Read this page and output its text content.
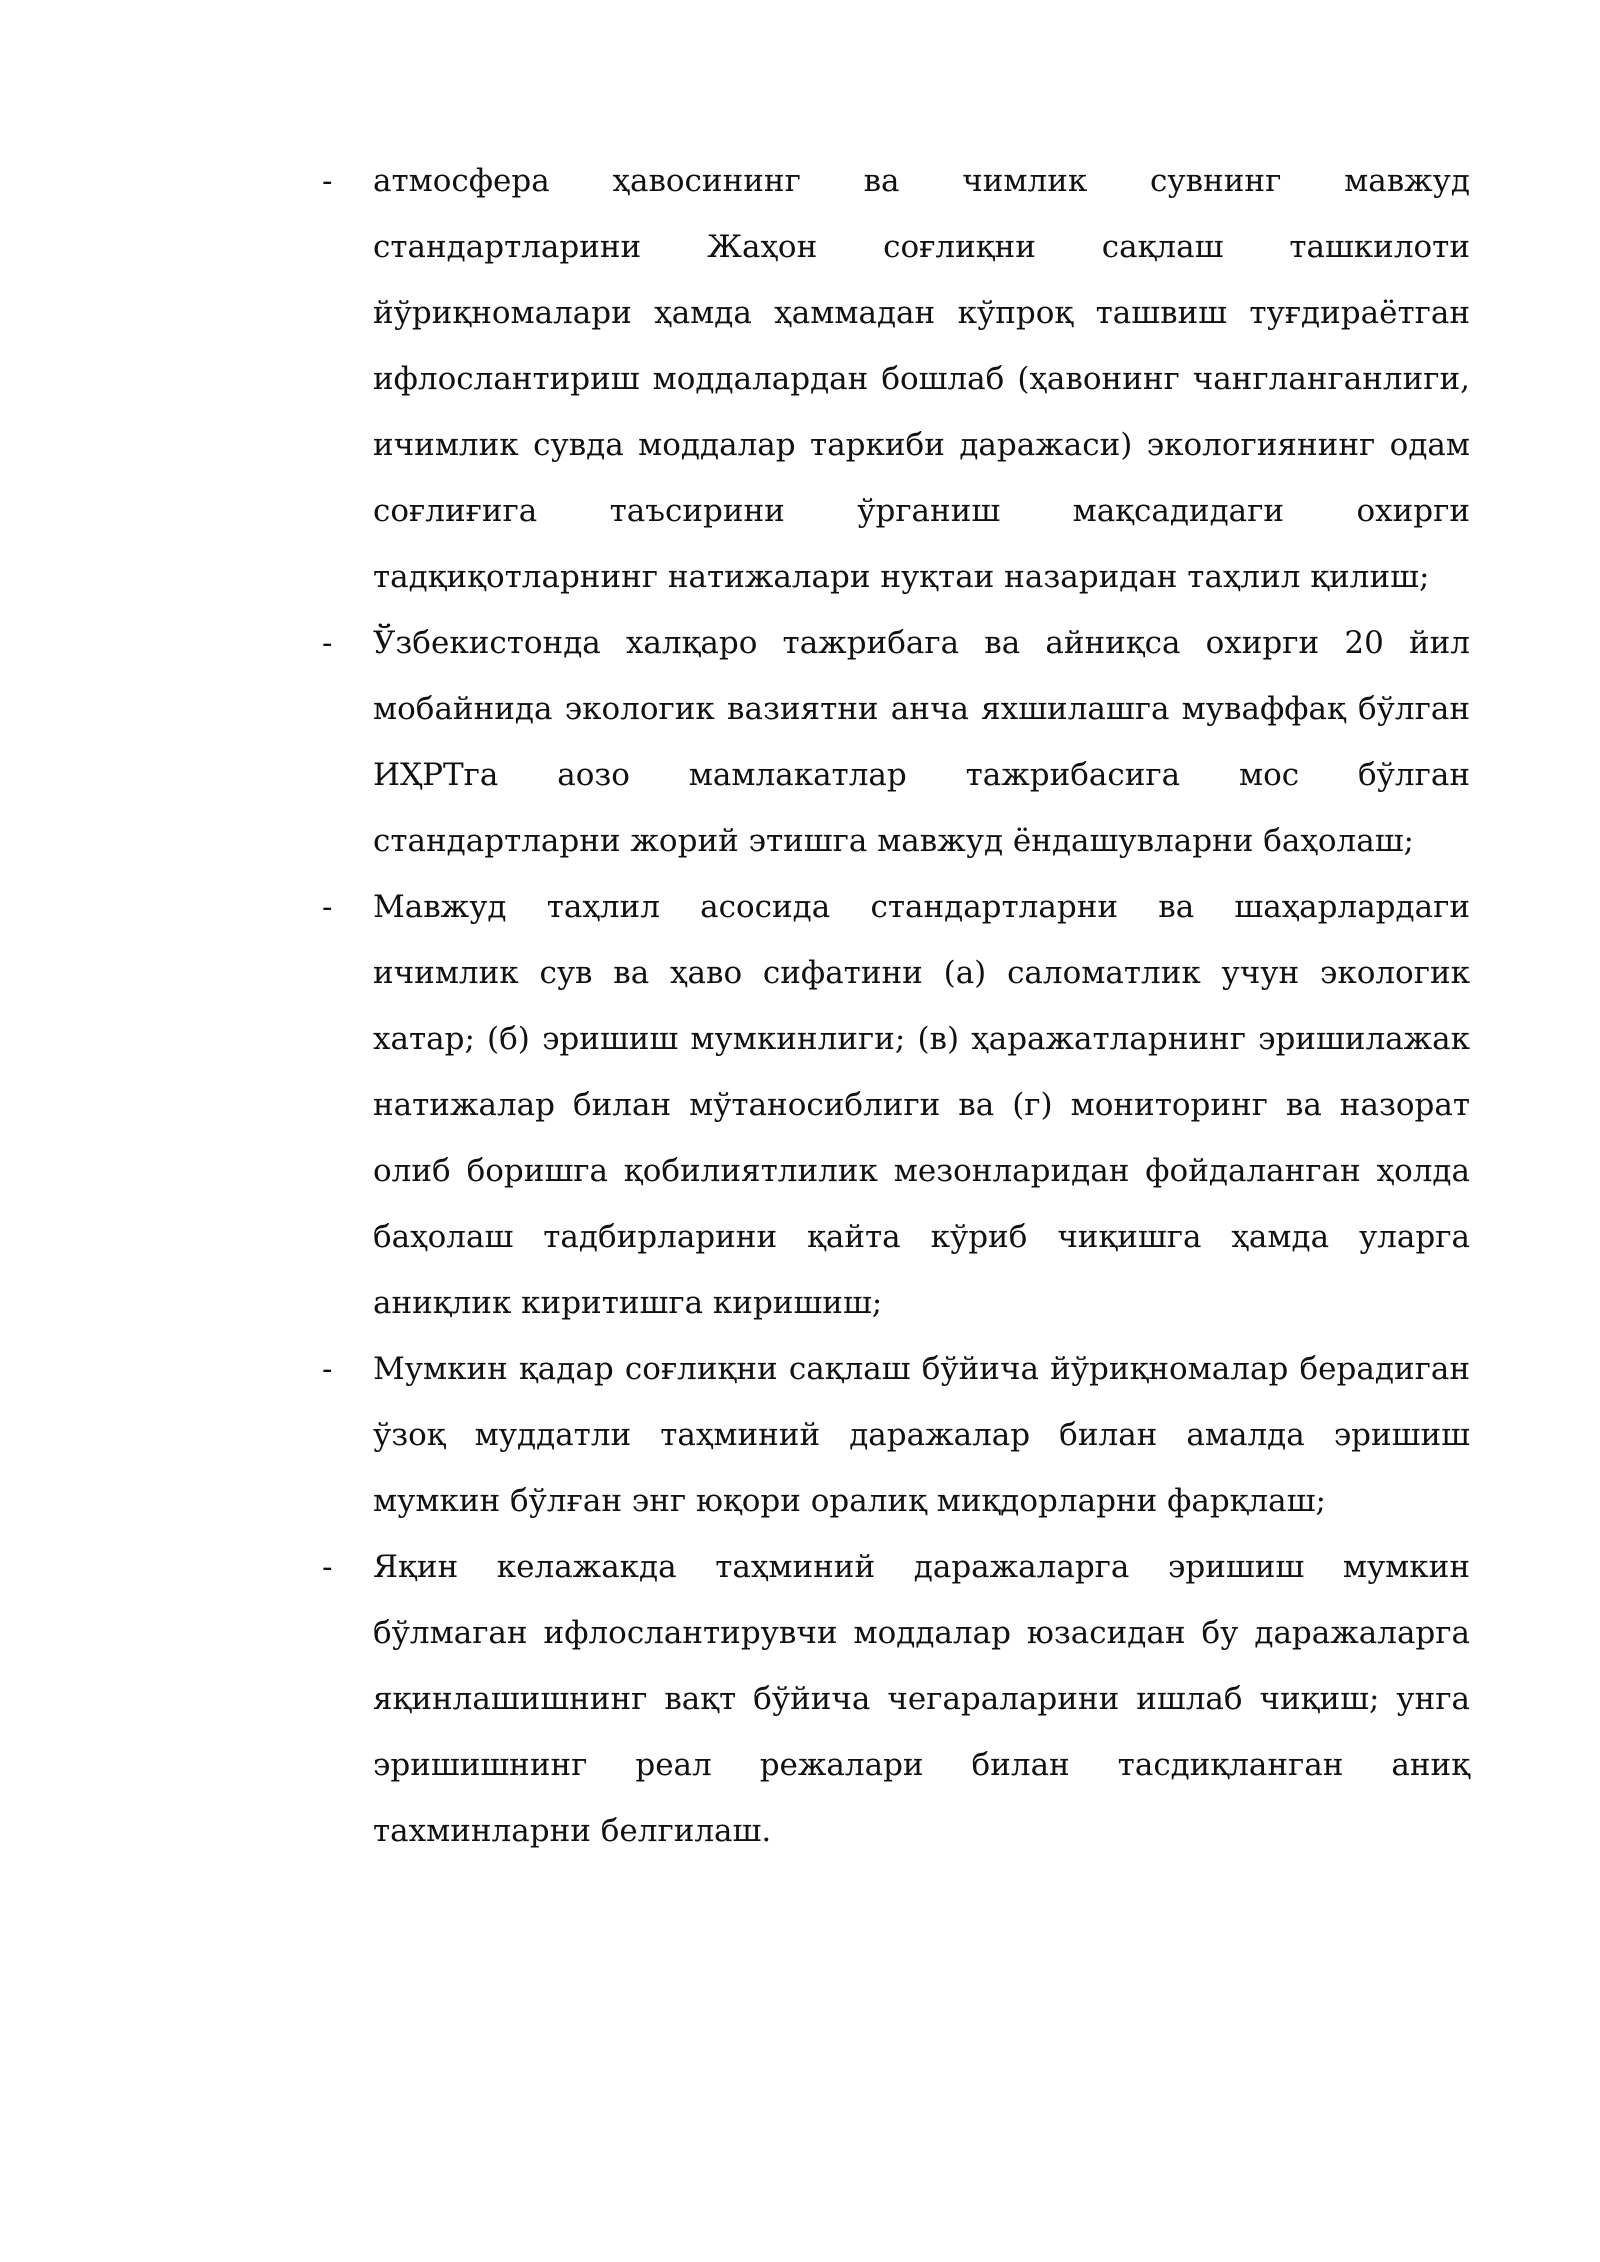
-	атмосфера ҳавосининг ва чимлик сувнинг мавжуд стандартларини Жаҳон соғлиқни сақлаш ташкилоти йўриқномалари ҳамда ҳаммадан кўпроқ ташвиш туғдираётган ифлослантириш моддалардан бошлаб (ҳавонинг чангланганлиги, ичимлик сувда моддалар таркиби даражаси) экологиянинг одам соғлиғига таъсирини ўрганиш мақсадидаги охирги тадқиқотларнинг натижалари нуқтаи назаридан таҳлил қилиш;
-	Ўзбекистонда халқаро тажрибага ва айниқса охирги 20 йил мобайнида экологик вазиятни анча яхшилашга муваффақ бўлган ИҲРТга аозо мамлакатлар тажрибасига мос бўлган стандартларни жорий этишга мавжуд ёндашувларни баҳолаш;
-	Мавжуд таҳлил асосида стандартларни ва шаҳарлардаги ичимлик сув ва ҳаво сифатини (а) саломатлик учун экологик хатар; (б) эришиш мумкинлиги; (в) ҳаражатларнинг эришилажак натижалар билан мўтаносиблиги ва (г) мониторинг ва назорат олиб боришга қобилиятлилик мезонларидан фойдаланган ҳолда баҳолаш тадбирларини қайта кўриб чиқишга ҳамда уларга аниқлик киритишга киришиш;
-	Мумкин қадар соғлиқни сақлаш бўйича йўриқномалар берадиган ўзоқ муддатли таҳминий даражалар билан амалда эришиш мумкин бўлған энг юқори оралиқ миқдорларни фарқлаш;
-	Яқин келажакда таҳминий даражаларга эришиш мумкин бўлмаган ифлослантирувчи моддалар юзасидан бу даражаларга яқинлашишнинг вақт бўйича чегараларини ишлаб чиқиш; унга эришишнинг реал режалари билан тасдиқланган аниқ тахминларни белгилаш.
